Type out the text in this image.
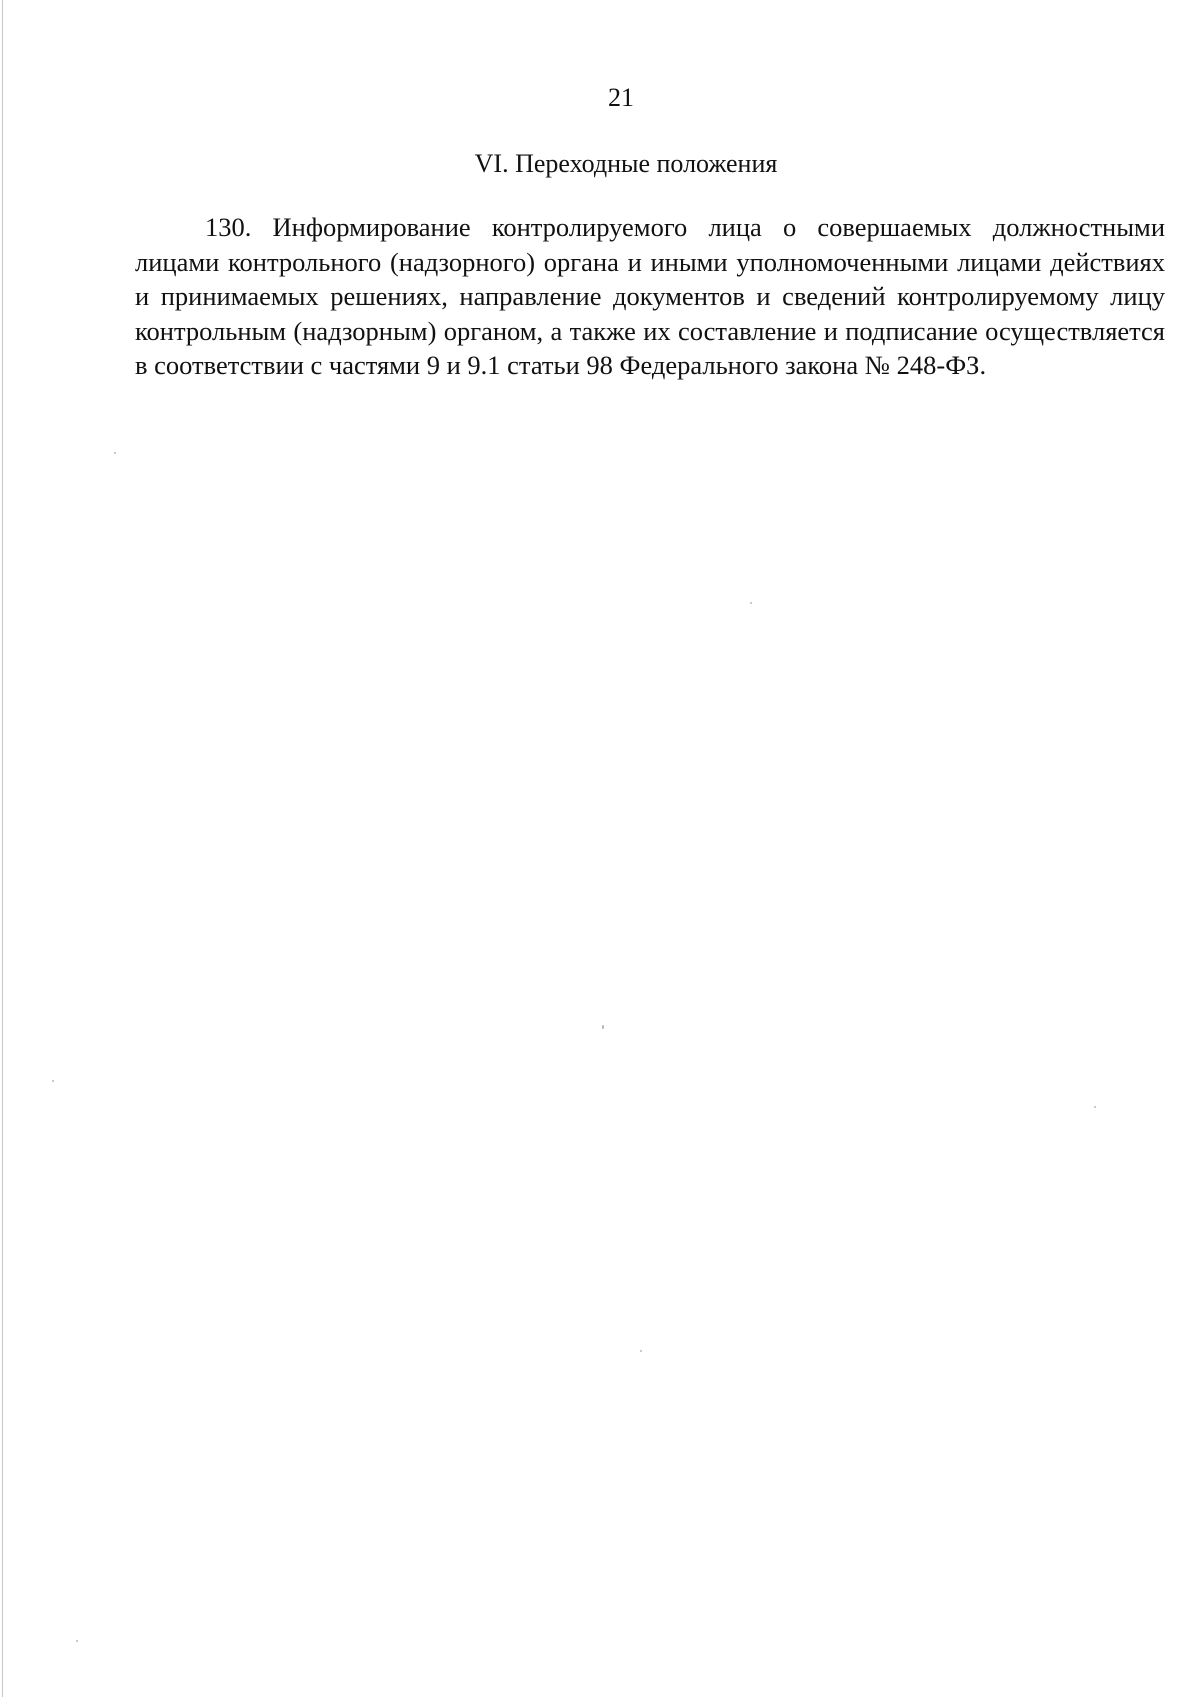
21
VI. Переходные положения

130. Информирование контролируемого лица о совершаемых должностными лицами контрольного (надзорного) органа и иными уполномоченными лицами действиях и принимаемых решениях, направление документов и сведений контролируемому лицу контрольным (надзорным) органом, а также их составление и подписание осуществляется в соответствии с частями 9 и 9.1 статьи 98 Федерального закона № 248-ФЗ.
